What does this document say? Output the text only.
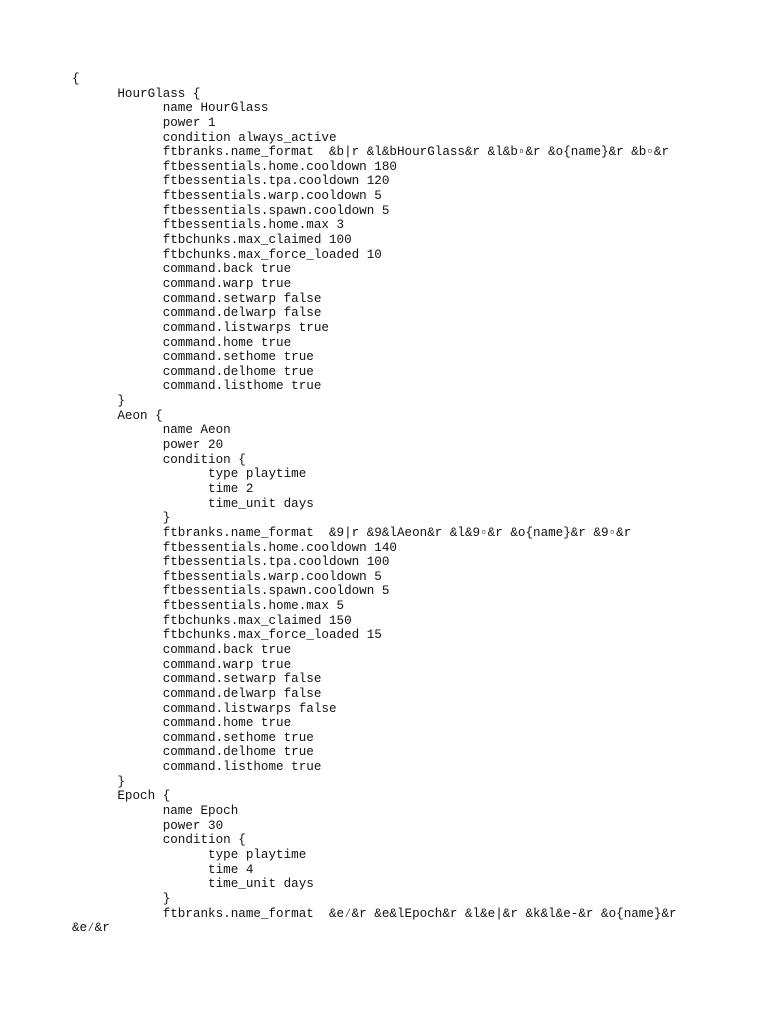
{
HourGlass {
name HourGlass
power 1
condition always_active
ftbranks.name_format  &b|r &l&bHourGlass&r &l&b▫&r &o{name}&r &b▫&r
ftbessentials.home.cooldown 180
ftbessentials.tpa.cooldown 120
ftbessentials.warp.cooldown 5
ftbessentials.spawn.cooldown 5
ftbessentials.home.max 3
ftbchunks.max_claimed 100
ftbchunks.max_force_loaded 10
command.back true
command.warp true
command.setwarp false
command.delwarp false
command.listwarps true
command.home true
command.sethome true
command.delhome true
command.listhome true
}
Aeon {
name Aeon
power 20
condition {
type playtime
time 2
time_unit days
}
ftbranks.name_format  &9|r &9&lAeon&r &l&9▫&r &o{name}&r &9▫&r
ftbessentials.home.cooldown 140
ftbessentials.tpa.cooldown 100
ftbessentials.warp.cooldown 5
ftbessentials.spawn.cooldown 5
ftbessentials.home.max 5
ftbchunks.max_claimed 150
ftbchunks.max_force_loaded 15
command.back true
command.warp true
command.setwarp false
command.delwarp false
command.listwarps false
command.home true
command.sethome true
command.delhome true
command.listhome true
}
Epoch {
name Epoch
power 30
condition {
type playtime
time 4
time_unit days
}
ftbranks.name_format  &e⁄&r &e&lEpoch&r &l&e|&r &k&l&e-&r &o{name}&r
&e⁄&r
